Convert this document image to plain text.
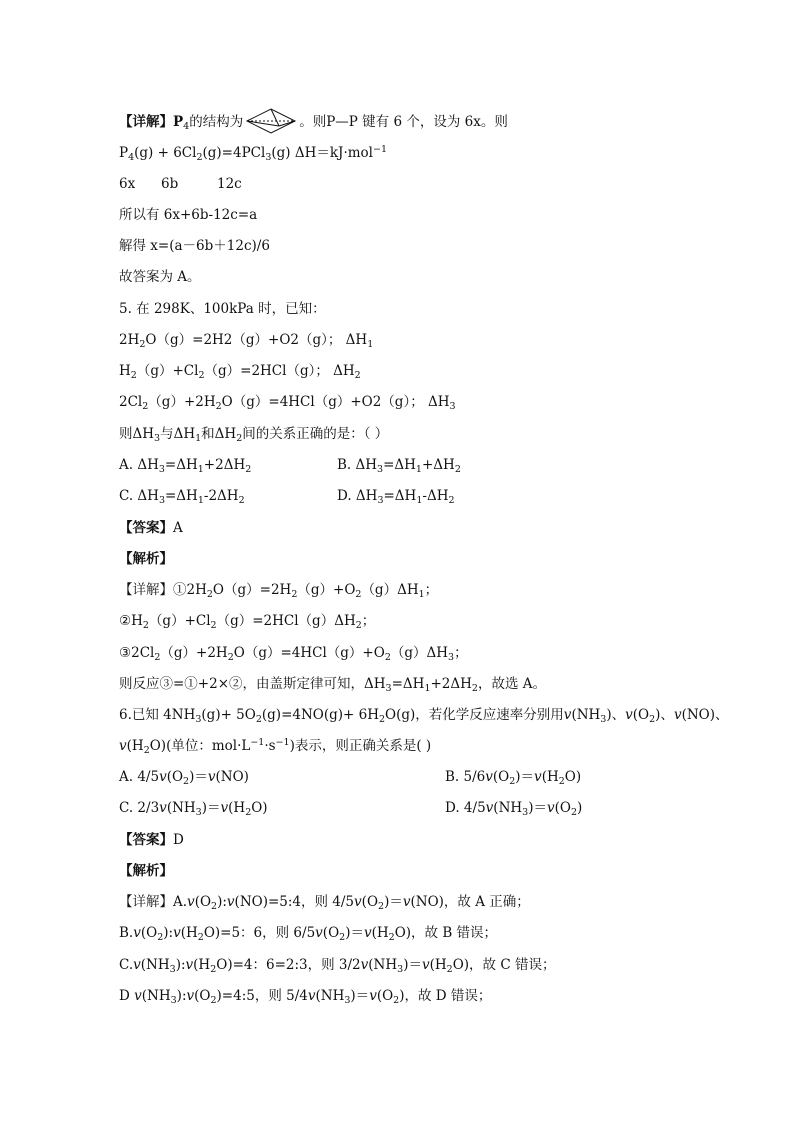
【详解】$P_4$的结构为	。则P—P 键有 6 个，设为 6x。则
$P_4(g) + 6Cl_2(g)=4PCl_3(g)$ ΔH＝kJ·mol$^{-1}$
6x 6b	12c
所以有 6x+6b-12c=a
解得 x=(a－6b＋12c)/6
故答案为 A。
5. 在 298K、100kPa 时，已知：
$2H_2O(g)=2H2(g)+O2(g)$； $\Delta H_1$
$H_2(g)+Cl_2(g)=2HCl(g)$； $\Delta H_2$
$2Cl_2(g)+2H_2O(g)=4HCl(g)+O2(g)$； $\Delta H_3$
则$\Delta H_3$与$\Delta H_1$和$\Delta H_2$间的关系正确的是：（ ）
A. $\Delta H_3=\Delta H_1+2\Delta H_2$	B. $\Delta H_3=\Delta H_1+\Delta H_2$
C. $\Delta H_3=\Delta H_1-2\Delta H_2$	D. $\Delta H_3=\Delta H_1-\Delta H_2$
【答案】A
【解析】
【详解】$①2H_2O(g)=2H_2(g)+O_2(g)\Delta H_1$；
$②H_2(g)+Cl_2(g)=2HCl(g)\Delta H_2$；
$③2Cl_2(g)+2H_2O(g)=4HCl(g)+O_2(g)\Delta H_3$；
则反应③=①+2×②，由盖斯定律可知，$\Delta H_3=\Delta H_1+2\Delta H_2$，故选 A。
6.已知 $4NH_3(g)+ 5O_2(g)=4NO(g)+ 6H_2O(g)$，若化学反应速率分别用$v(NH_3)$、$v(O_2)$、v(NO)、
$v(H_2O)$(单位：$mol\cdot L^{-1}\cdot s^{-1}$)表示，则正确关系是( )
A. $4/5v(O_2)=v(NO)$	B. $5/6v(O_2)=v(H_2O)$
C. $2/3v(NH_3)=v(H_2O)$	D. $4/5v(NH_3)=v(O_2)$
【答案】D
【解析】
【详解】$A.v(O_2):v(NO)=5:4$，则 $4/5v(O_2)=v(NO)$，故 A 正确；
$B.v(O_2):v(H_2O)=5$：6，则 $6/5v(O_2)=v(H_2O)$，故 B 错误；
$C.v(NH_3):v(H_2O)=4$：6=2:3，则 $3/2v(NH_3)=v(H_2O)$，故 C 错误；
D $v(NH_3):v(O_2)=4:5$，则 $5/4v(NH_3)=v(O_2)$，故 D 错误；
